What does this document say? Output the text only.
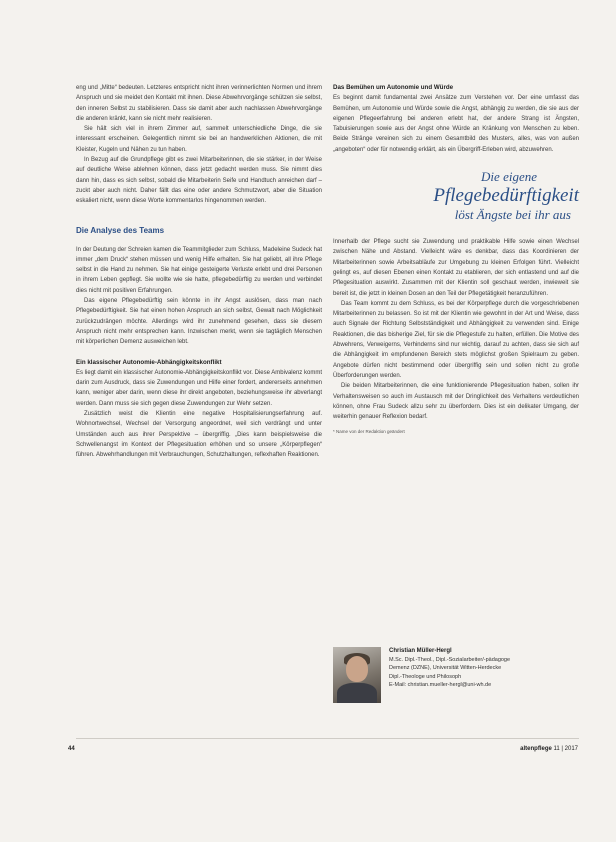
eng und „Mitte“ bedeuten. Letzteres entspricht nicht ihren verinnerlichten Normen und ihrem Anspruch und sie meidet den Kontakt mit ihnen. Diese Abwehrvorgänge schützen sie selbst, den inneren Selbst zu stabilisieren. Dass sie damit aber auch nachlassen Abwehrvorgänge die anderen kränkt, kann sie nicht mehr realisieren.

Sie hält sich viel in ihrem Zimmer auf, sammelt unterschiedliche Dinge, die sie interessant erscheinen. Gelegentlich nimmt sie bei an handwerklichen Aktionen, die mit Kleister, Kugeln und Nähen zu tun haben.

In Bezug auf die Grundpflege gibt es zwei Mitarbeiterinnen, die sie stärker, in der Weise auf deutliche Weise ablehnen können, dass jetzt gedacht werden muss. Sie nimmt dies dann hin, dass es sich selbst, sobald die Mitarbeiterin Seife und Handtuch anreichen darf – zuckt aber auch nicht. Daher fällt das eine oder andere Schmutzwort, aber die Situation eskaliert nicht, wenn diese Worte kommentarlos hingenommen werden.

Die Analyse des Teams

In der Deutung der Schreien kamen die Teammitglieder zum Schluss, Madeleine Sudeck hat immer „dem Druck“ stehen müssen und wenig Hilfe erhalten. Sie hat geliebt, all ihre Pflege selbst in die Hand zu nehmen. Sie hat einige gesteigerte Verluste erlebt und drei Personen in ihrem Leben gepflegt. Sie wollte wie sie hatte, pflegebedürftig zu werden und verbindet dies nicht mit positiven Erfahrungen.

Das eigene Pflegebedürftig sein könnte in ihr Angst auslösen, dass man nach Pflegebedürftigkeit. Sie hat einen hohen Anspruch an sich selbst, Gewalt nach Möglichkeit zurückzudrängen möchte. Allerdings wird ihr zunehmend gesehen, dass sie diesem Anspruch nicht mehr entsprechen kann. Inzwischen merkt, wenn sie tagtäglich Menschen mit körperlichen Demenz ausweichen lebt.

Ein klassischer Autonomie-Abhängigkeitskonflikt

Es liegt damit ein klassischer Autonomie-Abhängigkeitskonflikt vor. Diese Ambivalenz kommt darin zum Ausdruck, dass sie Zuwendungen und Hilfe einer fordert, andererseits annehmen kann, weniger aber darin, wenn diese ihr direkt angeboten, beziehungsweise ihr abverlangt werden. Dann muss sie sich gegen diese Zuwendungen zur Wehr setzen.

Zusätzlich weist die Klientin eine negative Hospitalisierungserfahrung auf. Wohnortwechsel, Wechsel der Versorgung angeordnet, weil sich verdrängt und unter Umständen auch aus ihrer Perspektive – übergriffig. „Dies kann beispielsweise die Schwellenangst im Kontext der Pflegesituation erhöhen und so unsere „Körperpflegen“ führen. Abwehrhandlungen mit Verbrauchungen, Schutzhaltungen, reflexhaften Reaktionen.

Das Bemühen um Autonomie und Würde

Es beginnt damit fundamental zwei Ansätze zum Verstehen vor. Der eine umfasst das Bemühen, um Autonomie und Würde sowie die Angst, abhängig zu werden, die sie aus der eigenen Pflegeerfahrung bei anderen erlebt hat, der andere Strang ist Ängsten, Tabuisierungen sowie aus der Angst ohne Würde an Kränkung von Menschen zu leben. Beide Stränge vereinen sich zu einem Gesamtbild des Musters, alles, was von außen „angeboten“ oder für notwendig erklärt, als ein Übergriff-Erleben wird, abzuwehren.

Die eigene
Pflegebedürftigkeit
löst Ängste bei ihr aus

Innerhalb der Pflege sucht sie Zuwendung und praktikable Hilfe sowie einen Wechsel zwischen Nähe und Abstand. Vielleicht wäre es denkbar, dass das Koordinieren der Mitarbeiterinnen sowie Arbeitsabläufe zur Umgebung zu kleinen Erfolgen führt. Vielleicht gelingt es, auf diesen Ebenen einen Kontakt zu etablieren, der sich entlastend und auf die Pflegesituation auswirkt. Zusammen mit der Klientin soll geschaut werden, inwieweit sie bereit ist, die jetzt in kleinen Dosen an den Teil der Pflegetätigkeit heranzuführen.

Das Team kommt zu dem Schluss, es bei der Körperpflege durch die vorgeschriebenen Mitarbeiterinnen zu belassen. So ist mit der Klientin wie gewohnt in der Art und Weise, dass auch Signale der Richtung Selbstständigkeit und Abhängigkeit zu verwenden sind. Einige Reaktionen, die das bisherige Ziel, für sie die Pflegestufe zu halten, erfüllen. Die Motive des Abwehrens, Verweigerns, Verhinderns sind nur wichtig, darauf zu achten, dass sie sich auf die Abhängigkeit im empfundenen Bereich stets möglichst großen Spielraum zu geben. Angebote dürfen nicht bestimmend oder übergriffig sein und sollen nicht zu große Überforderungen werden.

Die beiden Mitarbeiterinnen, die eine funktionierende Pflegesituation haben, sollen ihr Verhaltensweisen so auch im Austausch mit der Dringlichkeit des Verhaltens verdeutlichen können, ohne Frau Sudeck allzu sehr zu überfordern. Dies ist ein delikater Umgang, der weiterhin genauer Reflexion bedarf.

* Name von der Redaktion geändert

Christian Müller-Hergl

M.Sc. Dipl.-Theol., Dipl.-Sozialarbeiter/-pädagoge

Demenz (DZNE), Universität Witten-Herdecke

Dipl.-Theologe und Philosoph

E-Mail: christian.mueller-hergl@uni-wh.de

44	altenpflege 11 | 2017
